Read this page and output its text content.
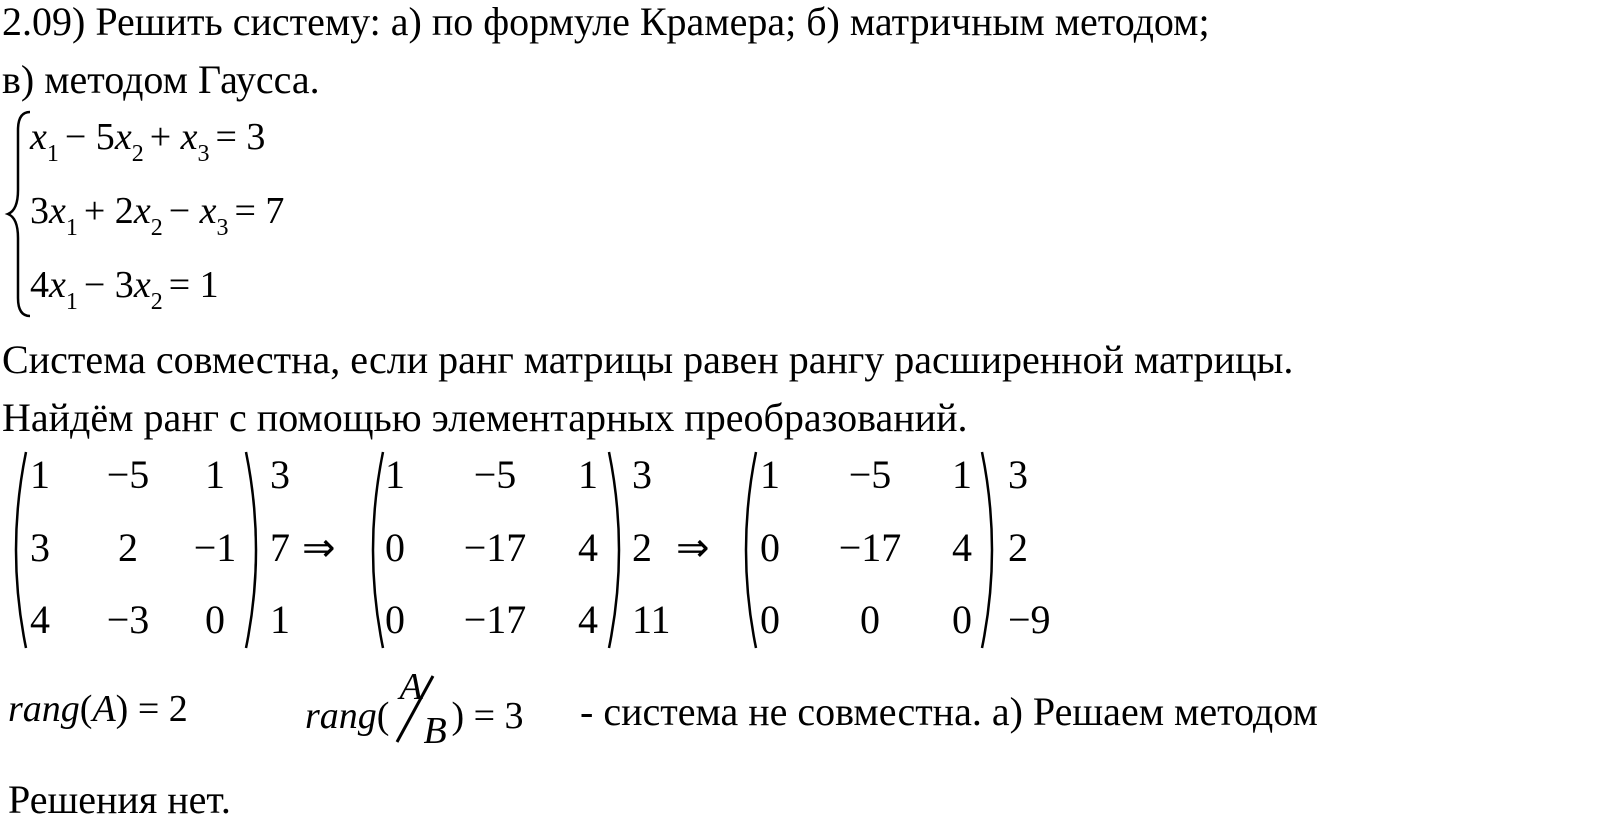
2.09) Решить систему: а) по формуле Крамера; б) матричным методом;
в) методом Гаусса.
$x_1 - 5x_2 + x_3 = 3$
$3x_1 + 2x_2 - x_3 = 7$
$4x_1 - 3x_2 = 1$
Система совместна, если ранг матрицы равен рангу расширенной матрицы.
Найдём ранг с помощью элементарных преобразований.
1	−5	1	3
3	2	−1 7
4	−3	0	1
1	−5	1 3
0	−17	4 2
0	−17	4 11
1	−5	1 3
0	−17	4 2
0	0	0 −9
⇒	⇒
rang(A) = 2	rang(
A
B ) = 3 - система не совместна. а) Решаем методом
Решения нет.
